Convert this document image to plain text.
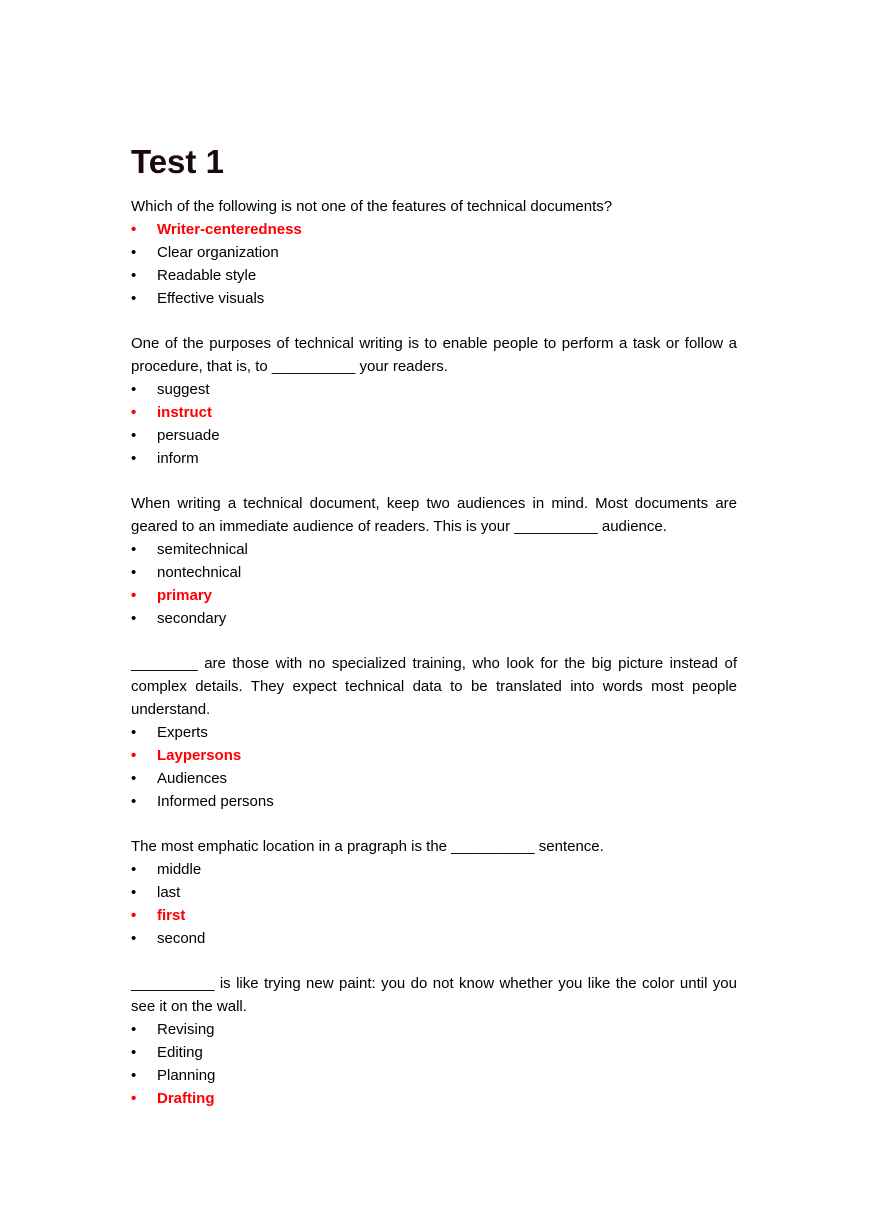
Test 1

Which of the following is not one of the features of technical documents?

•	Writer-centeredness
•	Clear organization
•	Readable style
•	Effective visuals

One of the purposes of technical writing is to enable people to perform a task or follow a procedure, that is, to __________ your readers.

•	suggest
•	instruct
•	persuade
•	inform

When writing a technical document, keep two audiences in mind. Most documents are geared to an immediate audience of readers. This is your __________ audience.

•	semitechnical
•	nontechnical
•	primary
•	secondary

________ are those with no specialized training, who look for the big picture instead of complex details. They expect technical data to be translated into words most people understand.

•	Experts
•	Laypersons
•	Audiences
•	Informed persons

The most emphatic location in a pragraph is the __________ sentence.

•	middle
•	last
•	first
•	second

__________ is like trying new paint: you do not know whether you like the color until you see it on the wall.

•	Revising
•	Editing
•	Planning
•	Drafting
